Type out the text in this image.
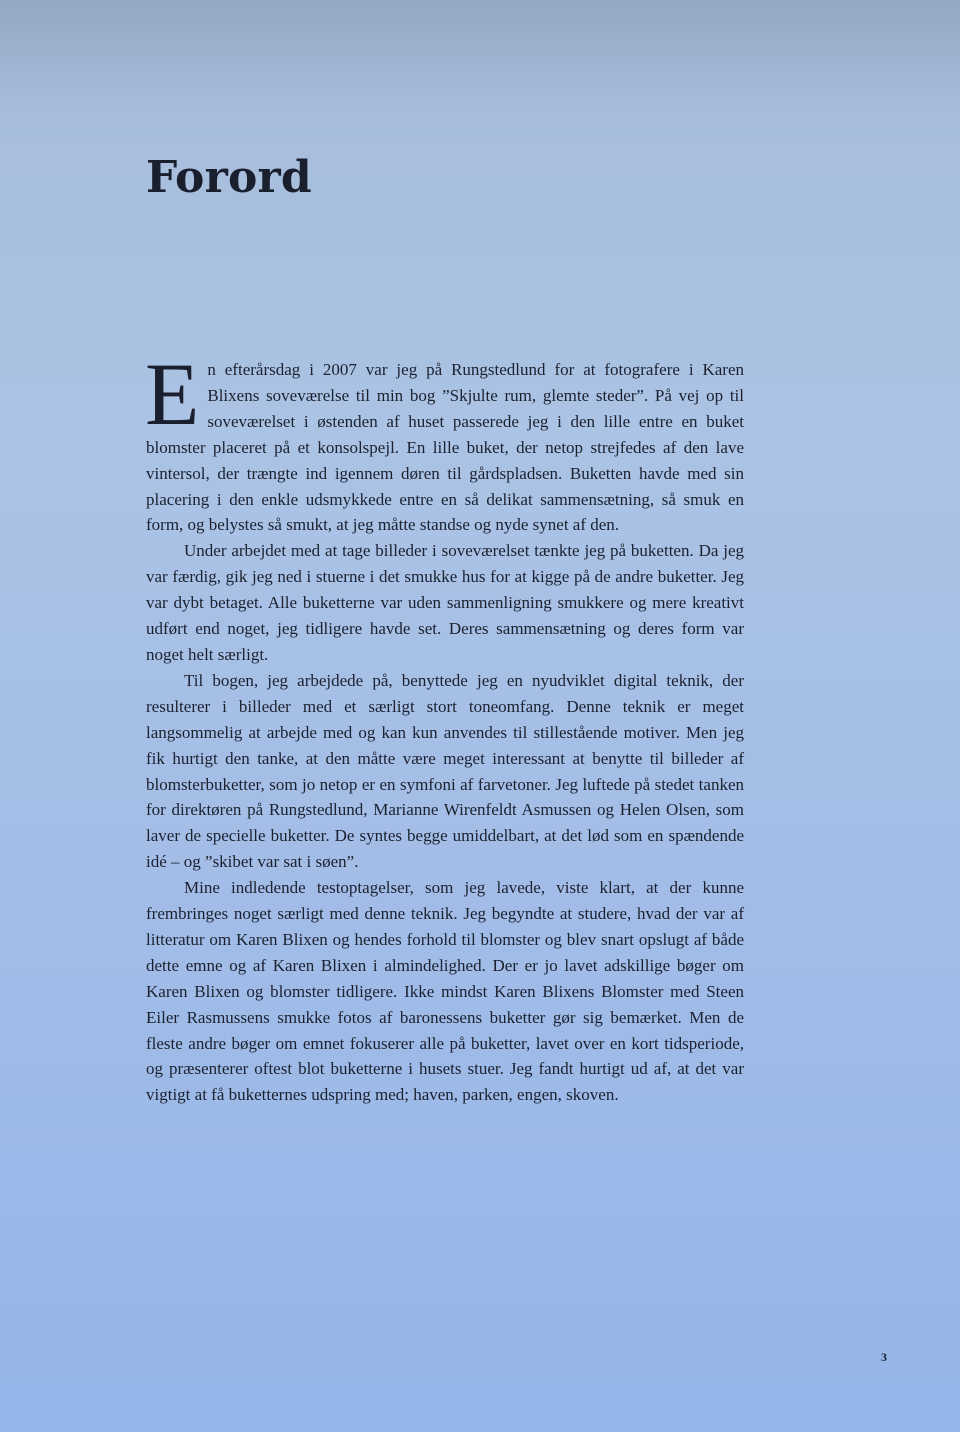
Forord

En efterårsdag i 2007 var jeg på Rungstedlund for at fotografere i Karen Blixens soveværelse til min bog ”Skjulte rum, glemte steder”. På vej op til soveværelset i østenden af huset passerede jeg i den lille entre en buket blomster placeret på et konsolspejl. En lille buket, der netop strejfedes af den lave vintersol, der trængte ind igennem døren til gårdspladsen. Buketten havde med sin placering i den enkle udsmykkede entre en så delikat sammensætning, så smuk en form, og belystes så smukt, at jeg måtte standse og nyde synet af den.

Under arbejdet med at tage billeder i soveværelset tænkte jeg på buketten. Da jeg var færdig, gik jeg ned i stuerne i det smukke hus for at kigge på de andre buketter. Jeg var dybt betaget. Alle buketterne var uden sammenligning smukkere og mere kreativt udført end noget, jeg tidligere havde set. Deres sammensætning og deres form var noget helt særligt.

Til bogen, jeg arbejdede på, benyttede jeg en nyudviklet digital teknik, der resulterer i billeder med et særligt stort toneomfang. Denne teknik er meget langsommelig at arbejde med og kan kun anvendes til stillestående motiver. Men jeg fik hurtigt den tanke, at den måtte være meget interessant at benytte til billeder af blomsterbuketter, som jo netop er en symfoni af farvetoner. Jeg luftede på stedet tanken for direktøren på Rungstedlund, Marianne Wirenfeldt Asmussen og Helen Olsen, som laver de specielle buketter. De syntes begge umiddelbart, at det lød som en spændende idé – og ”skibet var sat i søen”.

Mine indledende testoptagelser, som jeg lavede, viste klart, at der kunne frembringes noget særligt med denne teknik. Jeg begyndte at studere, hvad der var af litteratur om Karen Blixen og hendes forhold til blomster og blev snart opslugt af både dette emne og af Karen Blixen i almindelighed. Der er jo lavet adskillige bøger om Karen Blixen og blomster tidligere. Ikke mindst Karen Blixens Blomster med Steen Eiler Rasmussens smukke fotos af baronessens buketter gør sig bemærket. Men de fleste andre bøger om emnet fokuserer alle på buketter, lavet over en kort tidsperiode, og præsenterer oftest blot buketterne i husets stuer. Jeg fandt hurtigt ud af, at det var vigtigt at få buketternes udspring med; haven, parken, engen, skoven.

3
